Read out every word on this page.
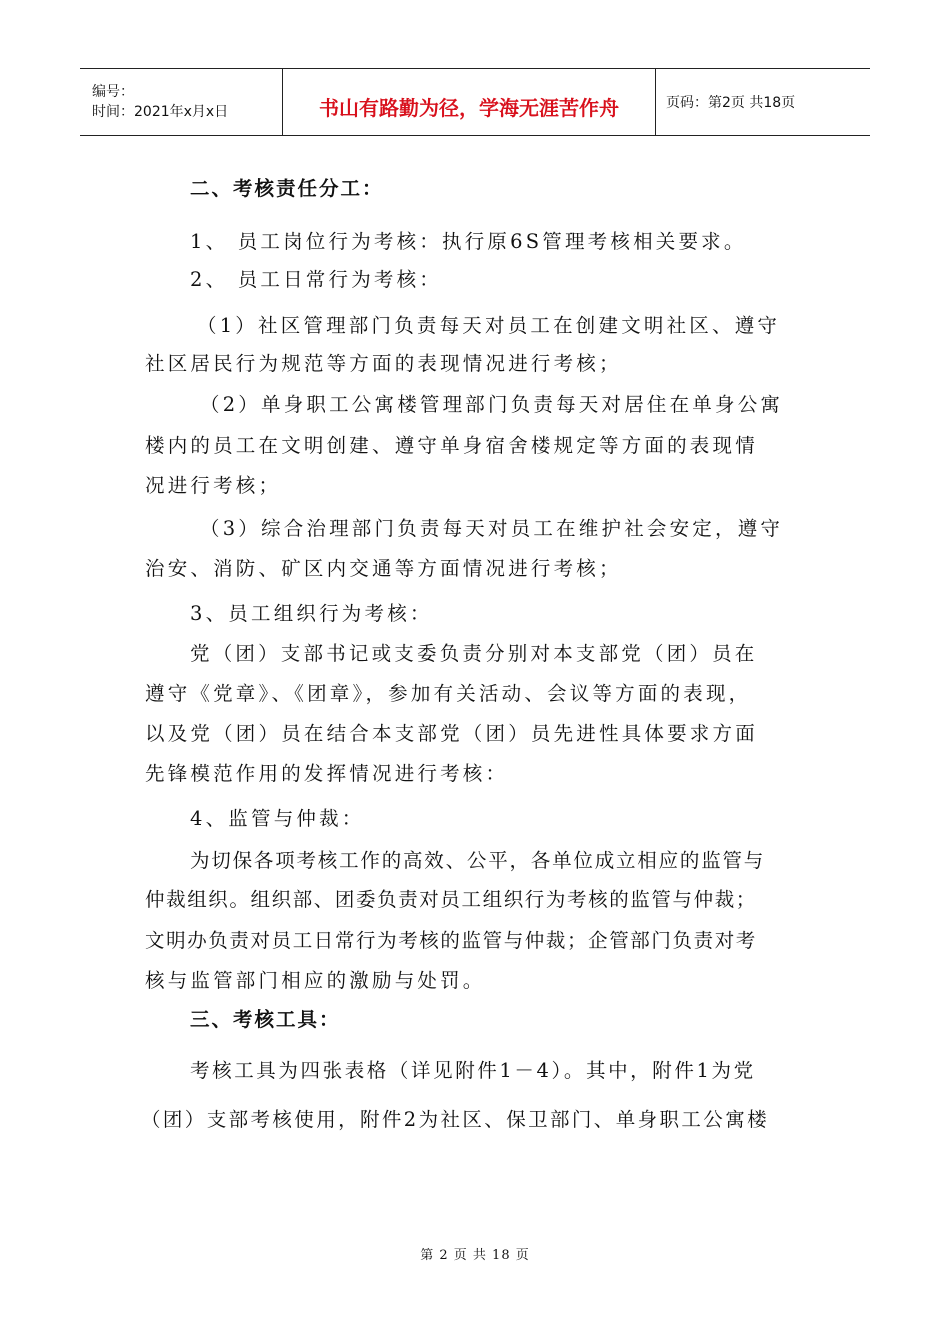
编号：
时间：2021年x月x日	书山有路勤为径，学海无涯苦作舟	页码：第2页 共18页
二、考核责任分工：
1、 员工岗位行为考核：执行原6S管理考核相关要求。
2、 员工日常行为考核：
（1）社区管理部门负责每天对员工在创建文明社区、遵守
社区居民行为规范等方面的表现情况进行考核；
（2）单身职工公寓楼管理部门负责每天对居住在单身公寓
楼内的员工在文明创建、遵守单身宿舍楼规定等方面的表现情
况进行考核；
（3）综合治理部门负责每天对员工在维护社会安定，遵守
治安、消防、矿区内交通等方面情况进行考核；
3、员工组织行为考核：
党（团）支部书记或支委负责分别对本支部党（团）员在
遵守《党章》、《团章》，参加有关活动、会议等方面的表现，
以及党（团）员在结合本支部党（团）员先进性具体要求方面
先锋模范作用的发挥情况进行考核：
4、监管与仲裁：
为切保各项考核工作的高效、公平，各单位成立相应的监管与
仲裁组织。组织部、团委负责对员工组织行为考核的监管与仲裁；
文明办负责对员工日常行为考核的监管与仲裁；企管部门负责对考
核与监管部门相应的激励与处罚。
三、考核工具：
考核工具为四张表格（详见附件1－4）。其中，附件1为党
（团）支部考核使用，附件2为社区、保卫部门、单身职工公寓楼
第 2 页 共 18 页
